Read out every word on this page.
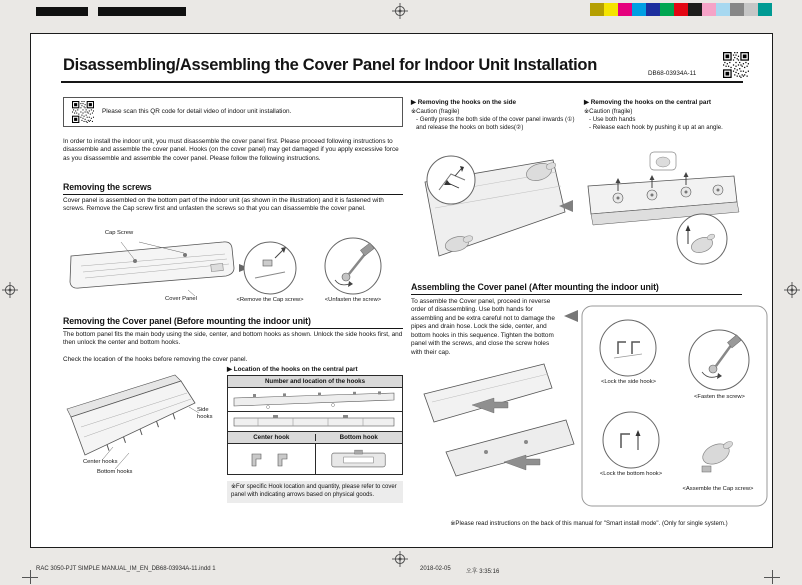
Disassembling/Assembling the Cover Panel for Indoor Unit Installation	DB68-03934A-11
Please scan this QR code for detail video of indoor unit installation.
In order to install the indoor unit, you must disassemble the cover panel first. Please proceed following instructions to disassemble and assemble the cover panel. Hooks (on the cover panel) may get damaged if you apply excessive force as you disassemble and assemble the cover panel. Please follow the following instructions.
Removing the screws
Cover panel is assembled on the bottom part of the indoor unit (as shown in the illustration) and it is fastened with screws. Remove the Cap screw first and unfasten the screws so that you can disassemble the cover panel.
Cap Screw
Cover Panel	<Remove the Cap screw>	<Unfasten the screw>
Removing the Cover panel (Before mounting the indoor unit)
The bottom panel fits the main body using the side, center, and bottom hooks as shown. Unlock the side hooks first, and then unlock the center and bottom hooks.
Check the location of the hooks before removing the cover panel.
Side hooks
Center hooks
Bottom hooks
▶ Location of the hooks on the central part
Number and location of the hooks
Center hook	Bottom hook
※For specific Hook location and quantity, please refer to cover panel with indicating arrows based on physical goods.
▶ Removing the hooks on the side
※Caution (fragile)
- Gently press the both side of the cover panel inwards (①) and release the hooks on both sides(②)
▶ Removing the hooks on the central part
※Caution (fragile)
- Use both hands
- Release each hook by pushing it up at an angle.
Assembling the Cover panel (After mounting the indoor unit)
To assemble the Cover panel, proceed in reverse order of disassembling. Use both hands for assembling and be extra careful not to damage the pipes and drain hose. Lock the side, center, and bottom hooks in this sequence. Tighten the bottom panel with the screws, and close the screw holes with their cap.
<Lock the side hook>
<Fasten the screw>
<Lock the bottom hook>
<Assemble the Cap screw>
※Please read instructions on the back of this manual for "Smart install mode". (Only for single system.)
RAC 3050-PJT SIMPLE MANUAL_IM_EN_DB68-03934A-11.indd 1	2018-02-05	오후 3:35:16
